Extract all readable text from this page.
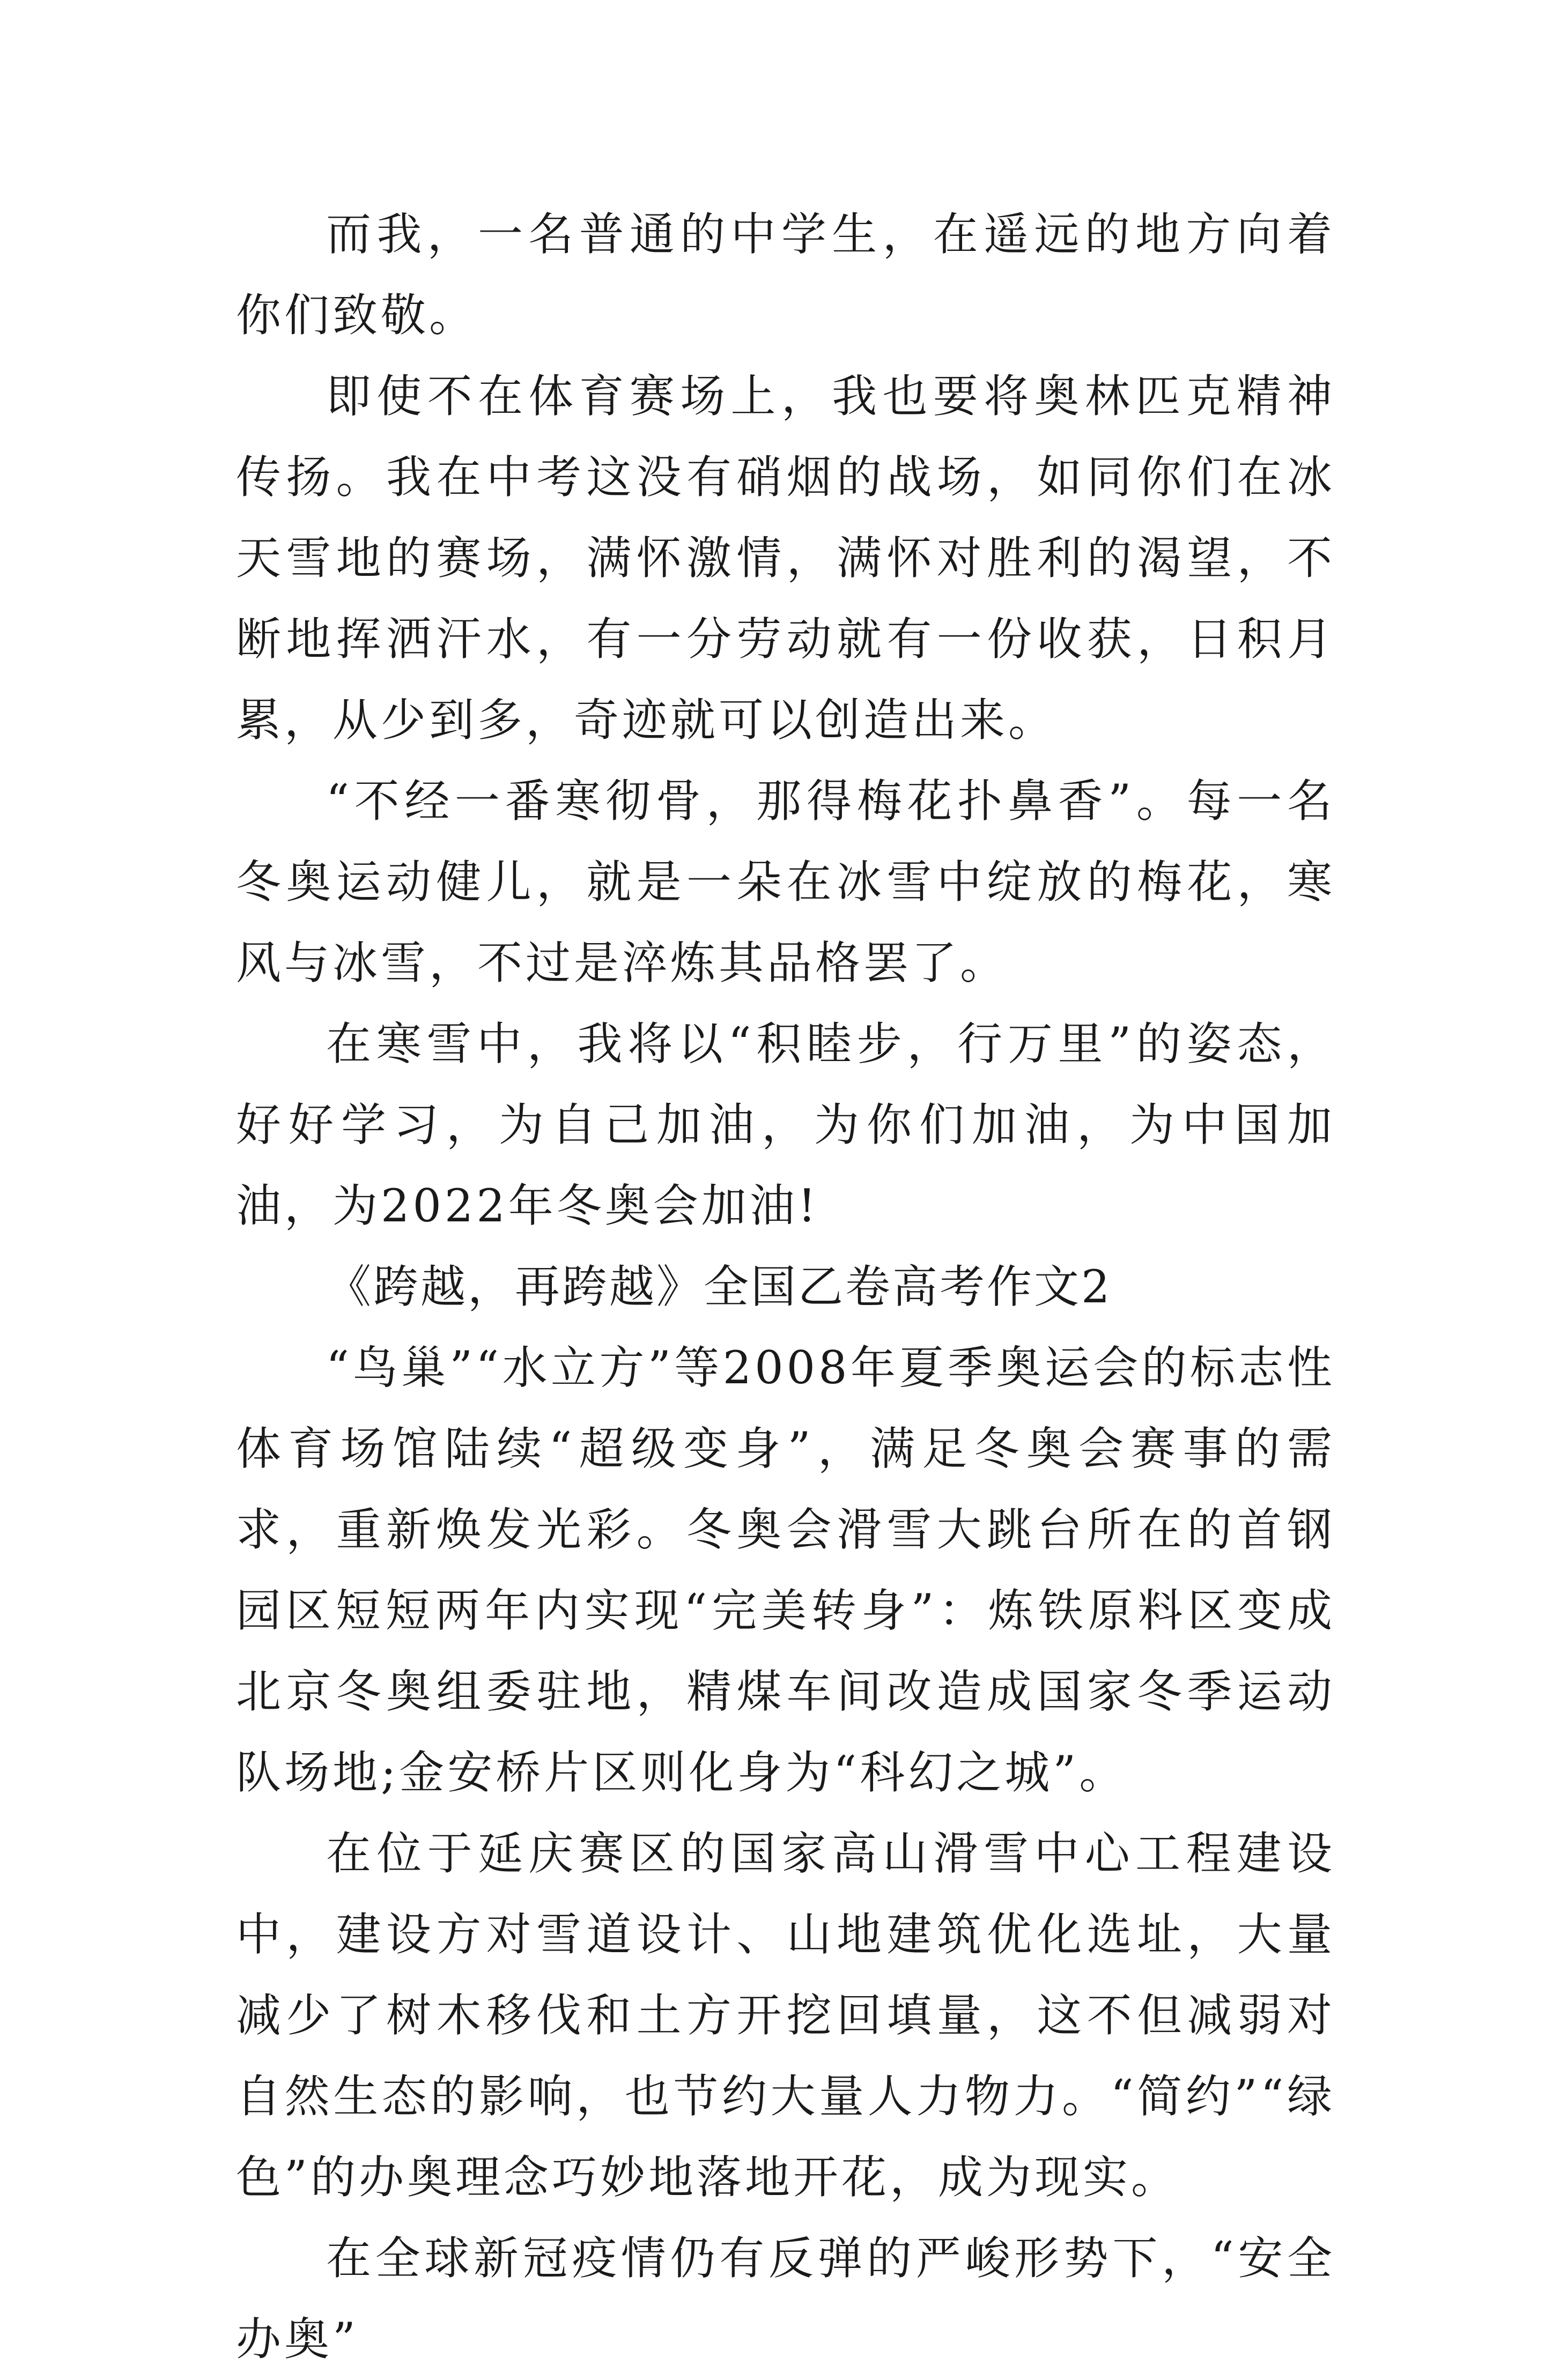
而我，一名普通的中学生，在遥远的地方向着你们致敬。

即使不在体育赛场上，我也要将奥林匹克精神传扬。我在中考这没有硝烟的战场，如同你们在冰天雪地的赛场，满怀激情，满怀对胜利的渴望，不断地挥洒汗水，有一分劳动就有一份收获，日积月累，从少到多，奇迹就可以创造出来。

“不经一番寒彻骨，那得梅花扑鼻香”。每一名冬奥运动健儿，就是一朵在冰雪中绽放的梅花，寒风与冰雪，不过是淬炼其品格罢了。

在寒雪中，我将以“积睦步，行万里”的姿态，好好学习，为自己加油，为你们加油，为中国加油，为2022年冬奥会加油!

《跨越，再跨越》全国乙卷高考作文2

“鸟巢”“水立方”等2008年夏季奥运会的标志性体育场馆陆续“超级变身”，满足冬奥会赛事的需求，重新焕发光彩。冬奥会滑雪大跳台所在的首钢园区短短两年内实现“完美转身”：炼铁原料区变成北京冬奥组委驻地，精煤车间改造成国家冬季运动队场地;金安桥片区则化身为“科幻之城”。

在位于延庆赛区的国家高山滑雪中心工程建设中，建设方对雪道设计、山地建筑优化选址，大量减少了树木移伐和土方开挖回填量，这不但减弱对自然生态的影响，也节约大量人力物力。“简约”“绿色”的办奥理念巧妙地落地开花，成为现实。

在全球新冠疫情仍有反弹的严峻形势下，“安全办奥”
